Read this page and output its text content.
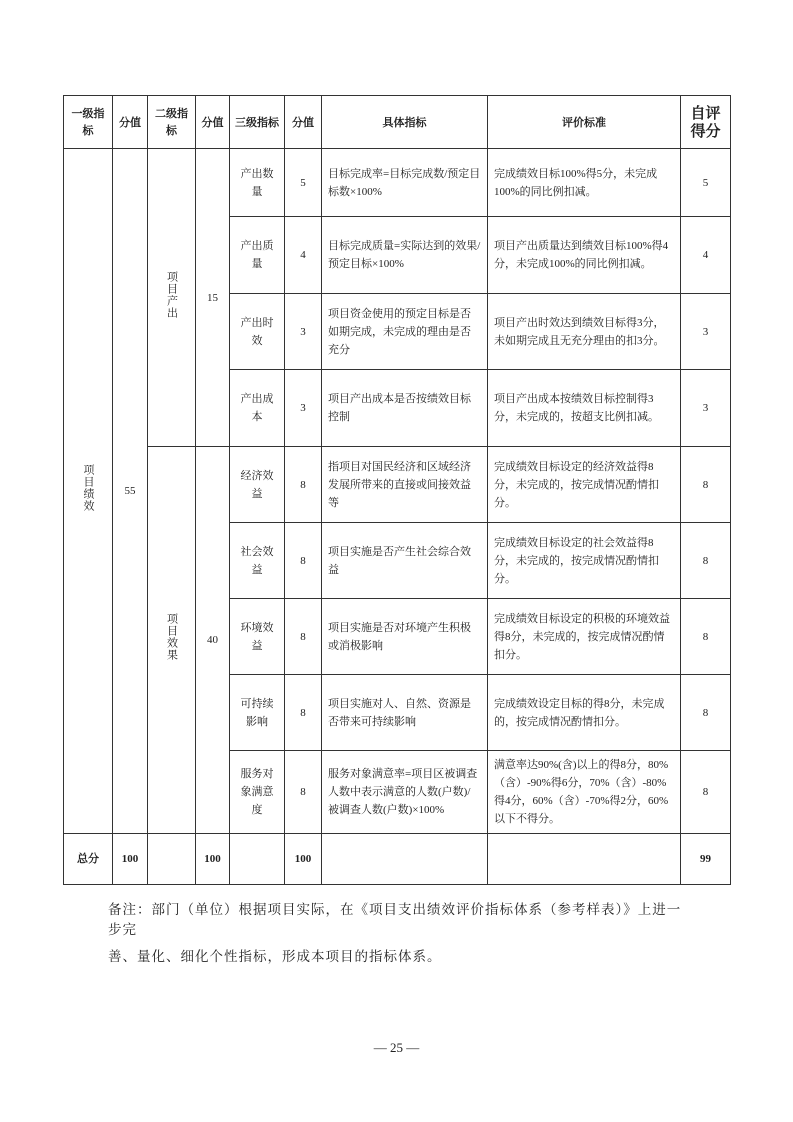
一级指标	分值	二级指标	分值	三级指标	分值	具体指标	评价标准	自评得分
项目绩效	55	项目产出	15	产出数量	5	目标完成率=目标完成数/预定目标数×100%	完成绩效目标100%得5分，未完成100%的同比例扣减。	5
				产出质量	4	目标完成质量=实际达到的效果/预定目标×100%	项目产出质量达到绩效目标100%得4分，未完成100%的同比例扣减。	4
				产出时效	3	项目资金使用的预定目标是否如期完成，未完成的理由是否充分	项目产出时效达到绩效目标得3分，未如期完成且无充分理由的扣3分。	3
				产出成本	3	项目产出成本是否按绩效目标控制	项目产出成本按绩效目标控制得3分，未完成的，按超支比例扣减。	3
		项目效果	40	经济效益	8	指项目对国民经济和区域经济发展所带来的直接或间接效益等	完成绩效目标设定的经济效益得8分，未完成的，按完成情况酌情扣分。	8
				社会效益	8	项目实施是否产生社会综合效益	完成绩效目标设定的社会效益得8分，未完成的，按完成情况酌情扣分。	8
				环境效益	8	项目实施是否对环境产生积极或消极影响	完成绩效目标设定的积极的环境效益得8分，未完成的，按完成情况酌情扣分。	8
				可持续影响	8	项目实施对人、自然、资源是否带来可持续影响	完成绩效设定目标的得8分，未完成的，按完成情况酌情扣分。	8
				服务对象满意度	8	服务对象满意率=项目区被调查人数中表示满意的人数(户数)/ 被调查人数(户数)×100%	满意率达90%(含)以上的得8分，80%（含）-90%得6分，70%（含）-80%得4分，60%（含）-70%得2分，60%以下不得分。	8
总分	100		100		100			99
备注：部门（单位）根据项目实际，在《项目支出绩效评价指标体系（参考样表）》上进一
步完
善、量化、细化个性指标，形成本项目的指标体系。
— 25 —
